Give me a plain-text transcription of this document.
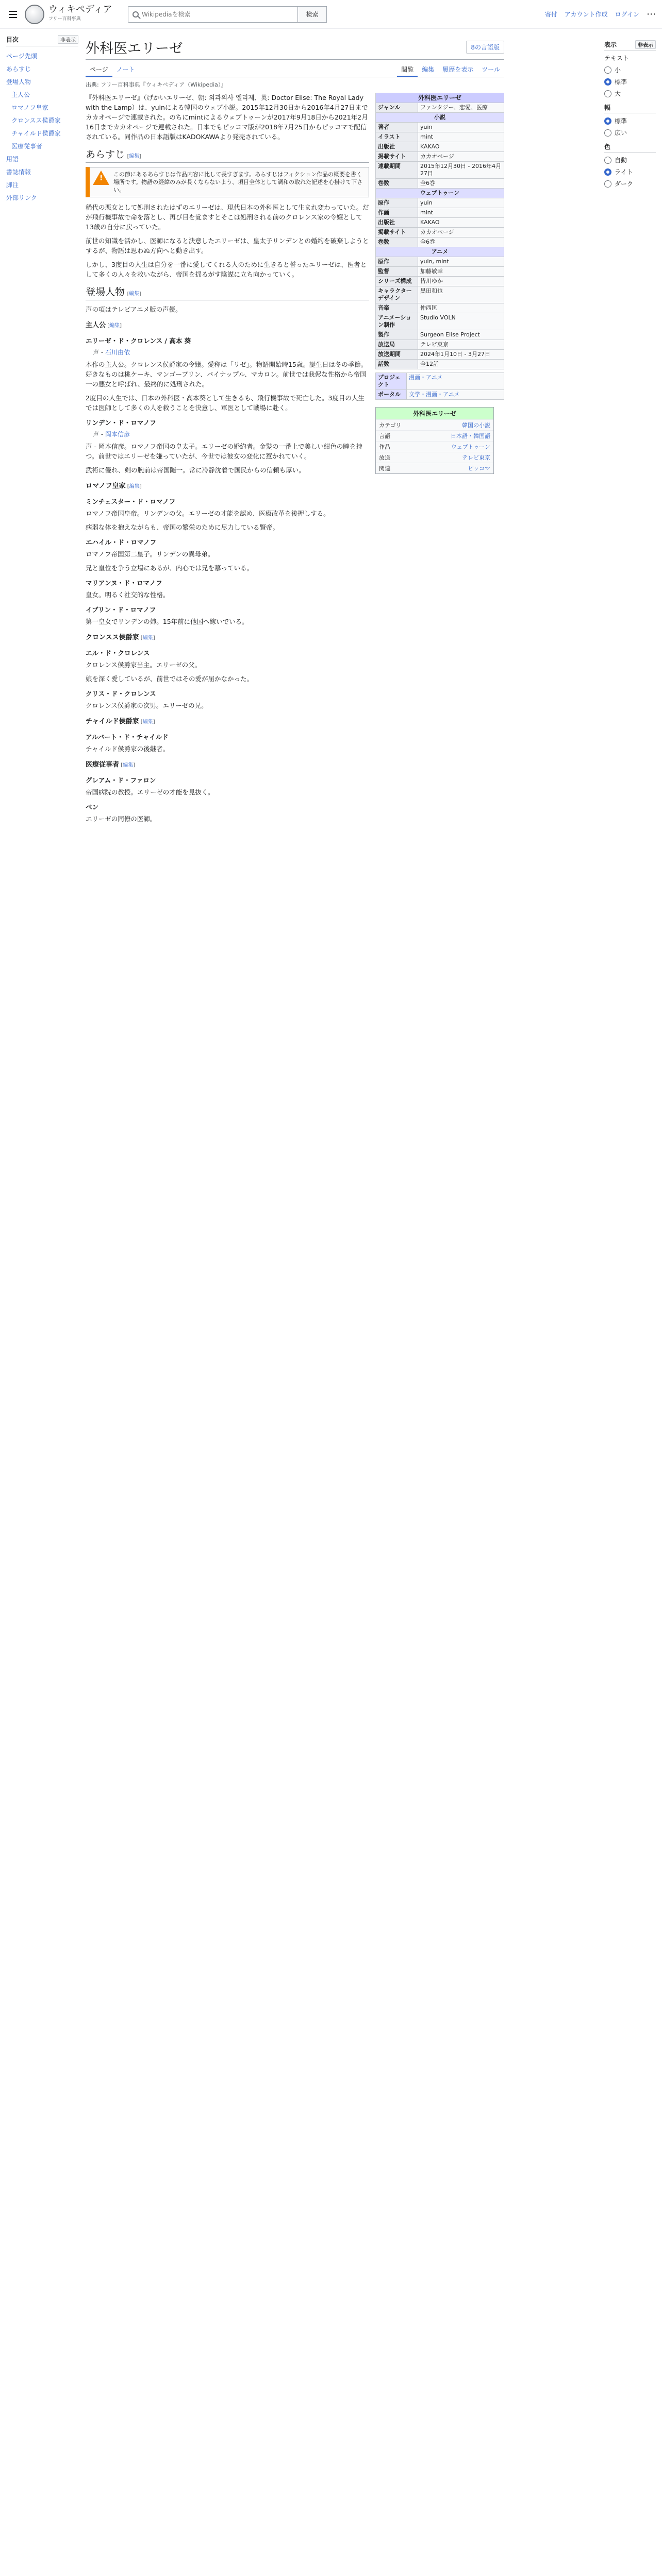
ウィキペディア
フリー百科事典
Wikipediaを検索
検索	寄付 アカウント作成 ログイン ⋯
目次	非表示
ページ先頭
あらすじ
登場人物
主人公
ロマノフ皇家
クロンスス侯爵家
チャイルド侯爵家
医療従事者
用語
書誌情報
脚注
外部リンク
外科医エリーゼ	8の言語版
ページ	ノート	閲覧	編集	履歴を表示	ツール
出典: フリー百科事典『ウィキペディア（Wikipedia）』

『外科医エリーゼ』（げかいエリーゼ、朝: 외과의사 엘리제、英: Doctor Elise: The Royal Lady with the Lamp）は、yuinによる韓国のウェブ小説。2015年12月30日から2016年4月27日までカカオページで連載された。のちにmintによるウェブトゥーンが2017年9月18日から2021年2月16日までカカオページで連載された。日本でもピッコマ版が2018年7月25日からピッコマで配信されている。同作品の日本語版はKADOKAWAより発売されている。

あらすじ [編集]
!
この節にあるあらすじは作品内容に比して長すぎます。あらすじはフィクション作品の概要を書く場所です。物語の経緯のみが長くならないよう、項目全体として調和の取れた記述を心掛けて下さい。

稀代の悪女として処刑されたはずのエリーゼは、現代日本の外科医として生まれ変わっていた。だが飛行機事故で命を落とし、再び目を覚ますとそこは処刑される前のクロレンス家の令嬢として13歳の自分に戻っていた。

前世の知識を活かし、医師になると決意したエリーゼは、皇太子リンデンとの婚約を破棄しようとするが、物語は思わぬ方向へと動き出す。

しかし、3度目の人生は自分を一番に愛してくれる人のために生きると誓ったエリーゼは、医者として多くの人々を救いながら、帝国を揺るがす陰謀に立ち向かっていく。

登場人物 [編集]

声の項はテレビアニメ版の声優。

主人公 [編集]
エリーゼ・ド・クロレンス / 高本 葵
声 - 石川由依

本作の主人公。クロレンス侯爵家の令嬢。愛称は「リゼ」。物語開始時15歳。誕生日は冬の季節。好きなものは桃ケーキ、マンゴープリン、パイナップル、マカロン。前世では我侭な性格から帝国一の悪女と呼ばれ、最終的に処刑された。

2度目の人生では、日本の外科医・高本葵として生きるも、飛行機事故で死亡した。3度目の人生では医師として多くの人を救うことを決意し、軍医として戦場に赴く。

リンデン・ド・ロマノフ
声 - 岡本信彦

声 - 岡本信彦。ロマノフ帝国の皇太子。エリーゼの婚約者。金髪の一番上で美しい紺色の瞳を持つ。前世ではエリーゼを嫌っていたが、今世では彼女の変化に惹かれていく。

武術に優れ、剣の腕前は帝国随一。常に冷静沈着で国民からの信頼も厚い。

ロマノフ皇家 [編集]
ミンチェスター・ド・ロマノフ

ロマノフ帝国皇帝。リンデンの父。エリーゼの才能を認め、医療改革を後押しする。

病弱な体を抱えながらも、帝国の繁栄のために尽力している賢帝。

エハイル・ド・ロマノフ

ロマノフ帝国第二皇子。リンデンの異母弟。

兄と皇位を争う立場にあるが、内心では兄を慕っている。

マリアンヌ・ド・ロマノフ

皇女。明るく社交的な性格。

イブリン・ド・ロマノフ

第一皇女でリンデンの姉。15年前に他国へ嫁いでいる。

クロンスス侯爵家 [編集]
エル・ド・クロレンス

クロレンス侯爵家当主。エリーゼの父。

娘を深く愛しているが、前世ではその愛が届かなかった。

クリス・ド・クロレンス

クロレンス侯爵家の次男。エリーゼの兄。

チャイルド侯爵家 [編集]
アルバート・ド・チャイルド

チャイルド侯爵家の後継者。

医療従事者 [編集]
グレアム・ド・ファロン

帝国病院の教授。エリーゼの才能を見抜く。

ベン

エリーゼの同僚の医師。

外科医エリーゼ	
ジャンル	ファンタジー、恋愛、医療
小説	
著者	yuin
イラスト	mint
出版社	KAKAO
掲載サイト	カカオページ
連載期間	2015年12月30日 - 2016年4月27日
巻数	全6巻
ウェブトゥーン	
原作	yuin
作画	mint
出版社	KAKAO
掲載サイト	カカオページ
巻数	全6巻
アニメ	
原作	yuin, mint
監督	加藤敏幸
シリーズ構成	皆川ゆか
キャラクターデザイン	黒田和也
音楽	仲西匡
アニメーション制作	Studio VOLN
製作	Surgeon Elise Project
放送局	テレビ東京
放送期間	2024年1月10日 - 3月27日
話数	全12話
プロジェクト	漫画・アニメ
ポータル	文学・漫画・アニメ
外科医エリーゼ
カテゴリ	韓国の小説
言語	日本語・韓国語
作品	ウェブトゥーン
放送	テレビ東京
関連	ピッコマ
表示	非表示
テキスト
小
標準
大
幅
標準
広い
色
自動
ライト
ダーク
